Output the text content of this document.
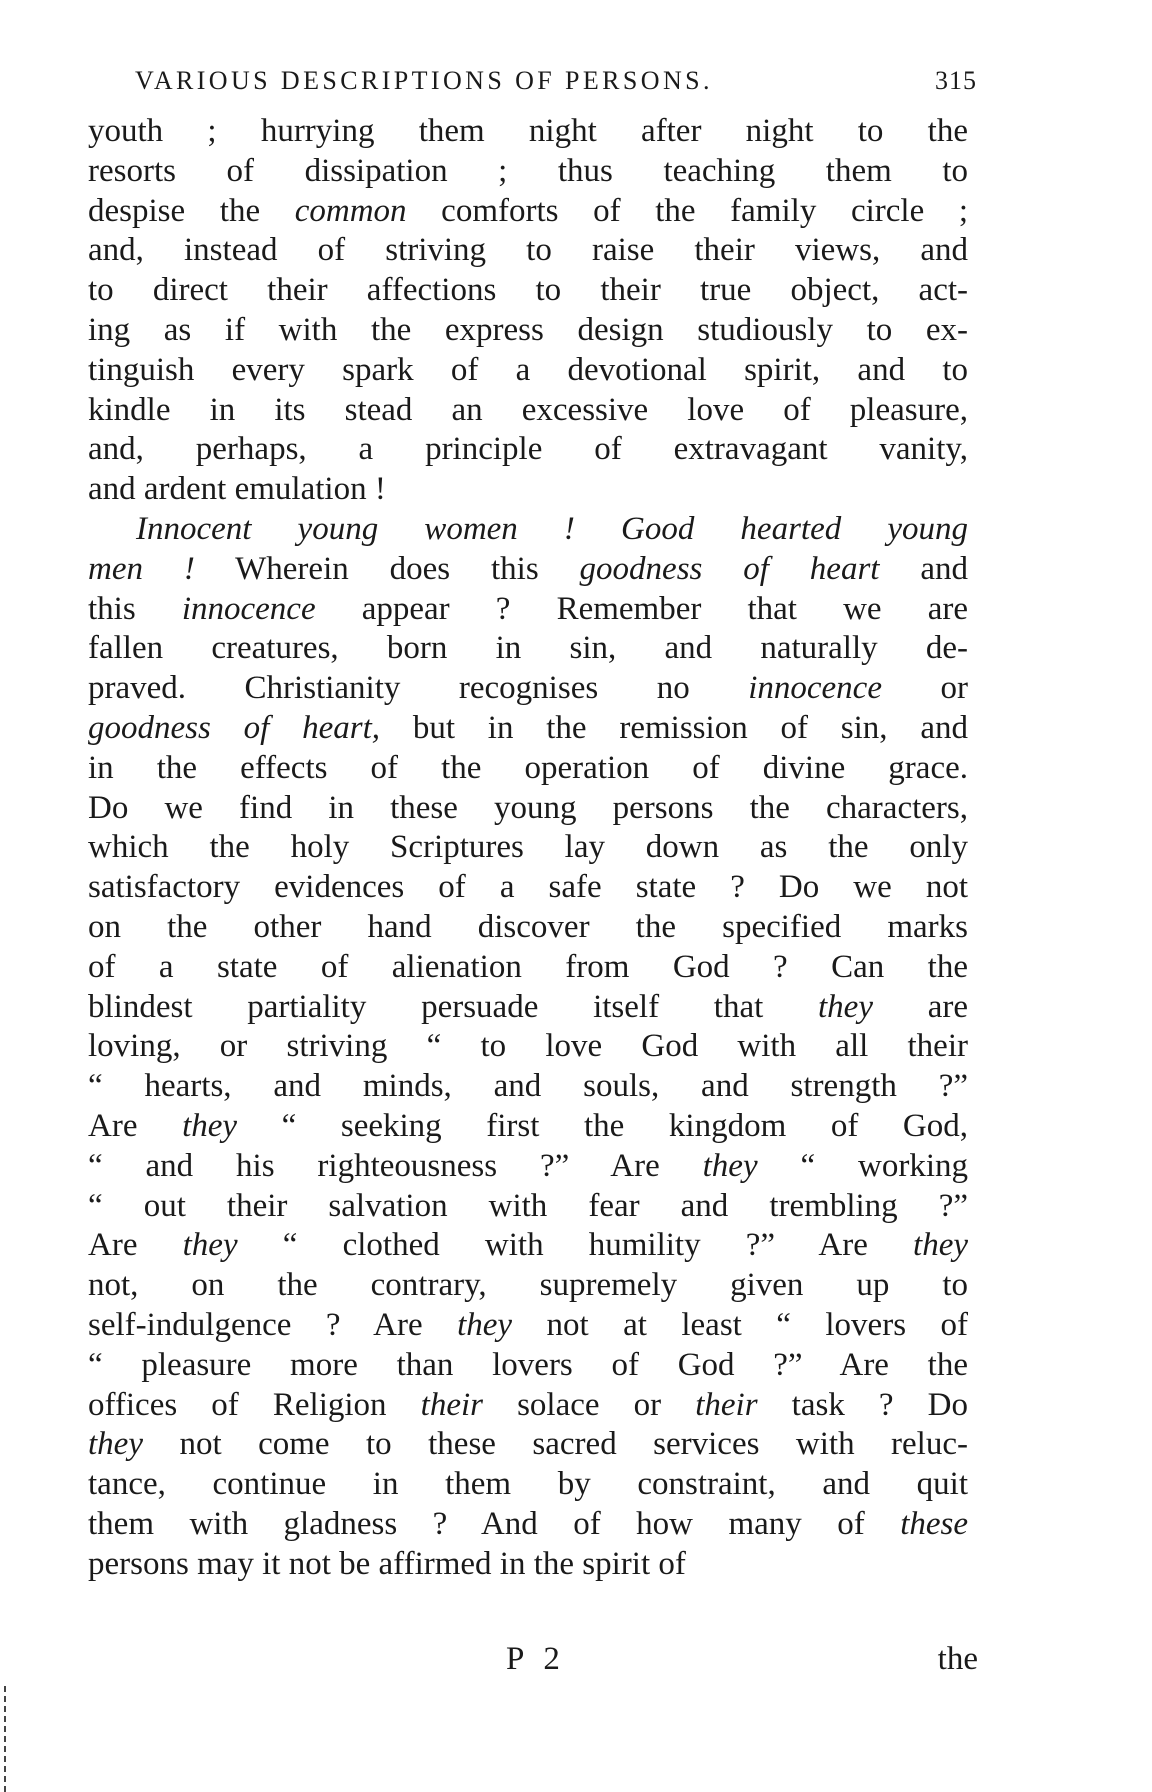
VARIOUS DESCRIPTIONS OF PERSONS.	315
youth ; hurrying them night after night to the
resorts of dissipation ; thus teaching them to
despise the common comforts of the family circle ;
and, instead of striving to raise their views, and
to direct their affections to their true object, act-
ing as if with the express design studiously to ex-
tinguish every spark of a devotional spirit, and to
kindle in its stead an excessive love of pleasure,
and, perhaps, a principle of extravagant vanity,
and ardent emulation !
Innocent young women ! Good hearted young
men ! Wherein does this goodness of heart and
this innocence appear ? Remember that we are
fallen creatures, born in sin, and naturally de-
praved. Christianity recognises no innocence or
goodness of heart, but in the remission of sin, and
in the effects of the operation of divine grace.
Do we find in these young persons the characters,
which the holy Scriptures lay down as the only
satisfactory evidences of a safe state ? Do we not
on the other hand discover the specified marks
of a state of alienation from God ? Can the
blindest partiality persuade itself that they are
loving, or striving “ to love God with all their
“ hearts, and minds, and souls, and strength ?”
Are they “ seeking first the kingdom of God,
“ and his righteousness ?” Are they “ working
“ out their salvation with fear and trembling ?”
Are they “ clothed with humility ?” Are they
not, on the contrary, supremely given up to
self-indulgence ? Are they not at least “ lovers of
“ pleasure more than lovers of God ?” Are the
offices of Religion their solace or their task ? Do
they not come to these sacred services with reluc-
tance, continue in them by constraint, and quit
them with gladness ? And of how many of these
persons may it not be affirmed in the spirit of
P 2	the
